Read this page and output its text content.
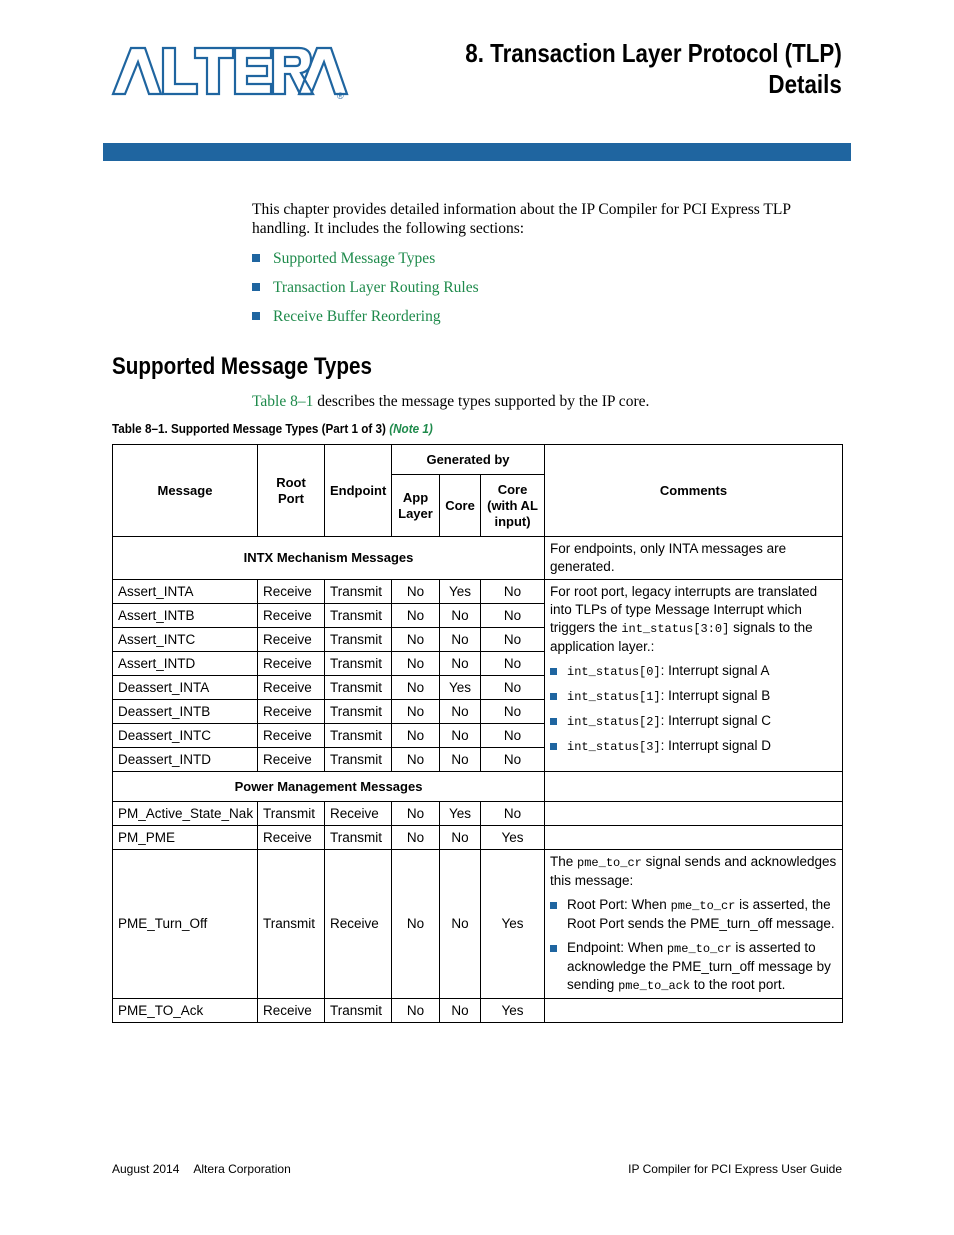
®
8. Transaction Layer Protocol (TLP)
Details
This chapter provides detailed information about the IP Compiler for PCI Express TLP handling. It includes the following sections:
Supported Message Types
Transaction Layer Routing Rules
Receive Buffer Reordering
Supported Message Types
Table 8–1 describes the message types supported by the IP core.
Table 8–1. Supported Message Types (Part 1 of 3) (Note 1)
Message	Root Port	Endpoint	Generated by			Comments
			App Layer	Core	Core (with AL input)	
INTX Mechanism Messages						For endpoints, only INTA messages are generated.
Assert_INTA	Receive	Transmit	No	Yes	No	For root port, legacy interrupts are translated into TLPs of type Message Interrupt which triggers the int_status[3:0] signals to the application layer.:

int_status[0]: Interrupt signal A
int_status[1]: Interrupt signal B
int_status[2]: Interrupt signal C
int_status[3]: Interrupt signal D

Assert_INTB	Receive	Transmit	No	No	No	
Assert_INTC	Receive	Transmit	No	No	No	
Assert_INTD	Receive	Transmit	No	No	No	
Deassert_INTA	Receive	Transmit	No	Yes	No	
Deassert_INTB	Receive	Transmit	No	No	No	
Deassert_INTC	Receive	Transmit	No	No	No	
Deassert_INTD	Receive	Transmit	No	No	No	
Power Management Messages						
PM_Active_State_Nak	Transmit	Receive	No	Yes	No	
PM_PME	Receive	Transmit	No	No	Yes	
PME_Turn_Off	Transmit	Receive	No	No	Yes	The pme_to_cr signal sends and acknowledges this message:

Root Port: When pme_to_cr is asserted, the Root Port sends the PME_turn_off message.
Endpoint: When pme_to_cr is asserted to acknowledge the PME_turn_off message by sending pme_to_ack to the root port.

PME_TO_Ack	Receive	Transmit	No	No	Yes	
August 2014 Altera Corporation	IP Compiler for PCI Express User Guide
